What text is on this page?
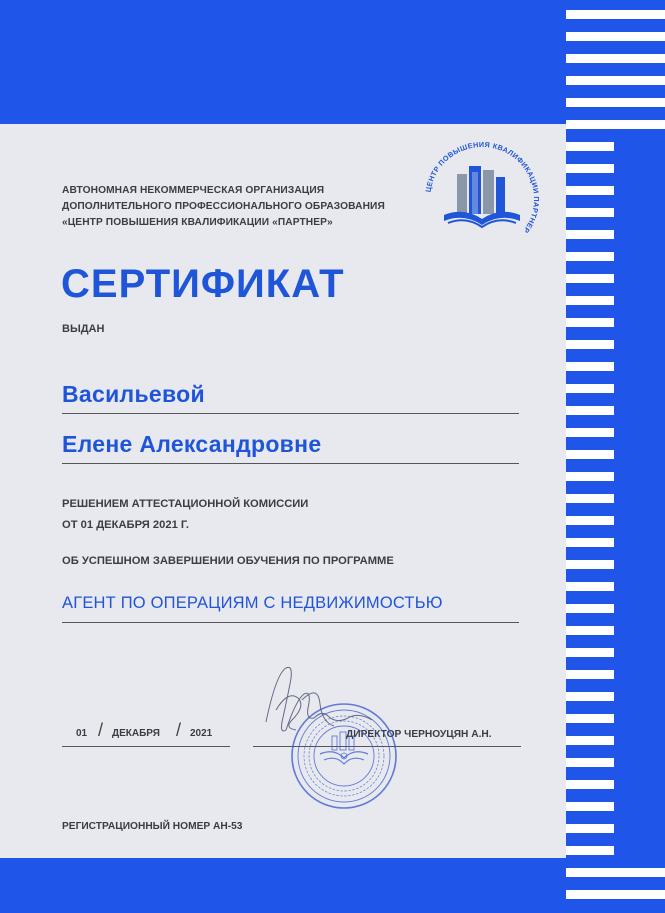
АВТОНОМНАЯ НЕКОММЕРЧЕСКАЯ ОРГАНИЗАЦИЯ
ДОПОЛНИТЕЛЬНОГО ПРОФЕССИОНАЛЬНОГО ОБРАЗОВАНИЯ
«ЦЕНТР ПОВЫШЕНИЯ КВАЛИФИКАЦИИ «ПАРТНЕР»
ЦЕНТР ПОВЫШЕНИЯ КВАЛИФИКАЦИИ ПАРТНЕР
СЕРТИФИКАТ
ВЫДАН
Васильевой
Елене Александровне
РЕШЕНИЕМ АТТЕСТАЦИОННОЙ КОМИССИИ
ОТ 01 ДЕКАБРЯ 2021 Г.
ОБ УСПЕШНОМ ЗАВЕРШЕНИИ ОБУЧЕНИЯ ПО ПРОГРАММЕ
АГЕНТ ПО ОПЕРАЦИЯМ С НЕДВИЖИМОСТЬЮ
01 / ДЕКАБРЯ / 2021	ДИРЕКТОР ЧЕРНОУЦЯН А.Н.
РЕГИСТРАЦИОННЫЙ НОМЕР АН-53
